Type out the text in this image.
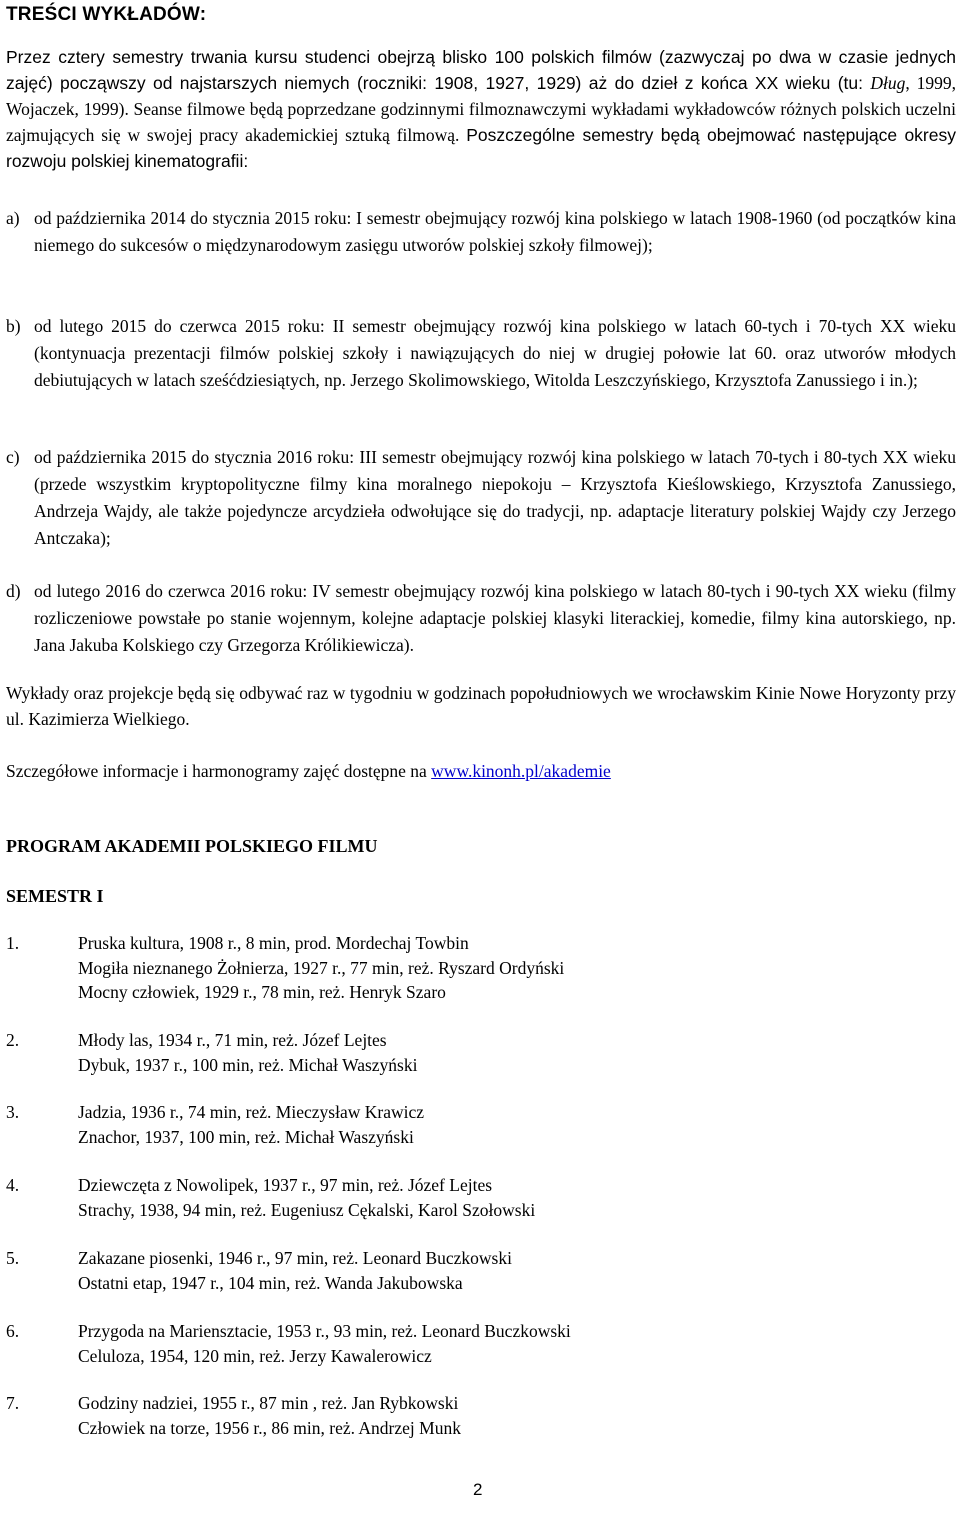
TREŚCI WYKŁADÓW:

Przez cztery semestry trwania kursu studenci obejrzą blisko 100 polskich filmów (zazwyczaj po dwa w czasie jednych zajęć) począwszy od najstarszych niemych (roczniki: 1908, 1927, 1929) aż do dzieł z końca XX wieku (tu: Dług, 1999, Wojaczek, 1999). Seanse filmowe będą poprzedzane godzinnymi filmoznawczymi wykładami wykładowców różnych polskich uczelni zajmujących się w swojej pracy akademickiej sztuką filmową. Poszczególne semestry będą obejmować następujące okresy rozwoju polskiej kinematografii:

a) od października 2014 do stycznia 2015 roku: I semestr obejmujący rozwój kina polskiego w latach 1908-1960 (od początków kina niemego do sukcesów o międzynarodowym zasięgu utworów polskiej szkoły filmowej);
b) od lutego 2015 do czerwca 2015 roku: II semestr obejmujący rozwój kina polskiego w latach 60-tych i 70-tych XX wieku (kontynuacja prezentacji filmów polskiej szkoły i nawiązujących do niej w drugiej połowie lat 60. oraz utworów młodych debiutujących w latach sześćdziesiątych, np. Jerzego Skolimowskiego, Witolda Leszczyńskiego, Krzysztofa Zanussiego i in.);
c) od października 2015 do stycznia 2016 roku: III semestr obejmujący rozwój kina polskiego w latach 70-tych i 80-tych XX wieku (przede wszystkim kryptopolityczne filmy kina moralnego niepokoju – Krzysztofa Kieślowskiego, Krzysztofa Zanussiego, Andrzeja Wajdy, ale także pojedyncze arcydzieła odwołujące się do tradycji, np. adaptacje literatury polskiej Wajdy czy Jerzego Antczaka);
d) od lutego 2016 do czerwca 2016 roku: IV semestr obejmujący rozwój kina polskiego w latach 80-tych i 90-tych XX wieku (filmy rozliczeniowe powstałe po stanie wojennym, kolejne adaptacje polskiej klasyki literackiej, komedie, filmy kina autorskiego, np. Jana Jakuba Kolskiego czy Grzegorza Królikiewicza).

Wykłady oraz projekcje będą się odbywać raz w tygodniu w godzinach popołudniowych we wrocławskim Kinie Nowe Horyzonty przy ul. Kazimierza Wielkiego.

Szczegółowe informacje i harmonogramy zajęć dostępne na www.kinonh.pl/akademie

PROGRAM AKADEMII POLSKIEGO FILMU
SEMESTR I
1.	Pruska kultura, 1908 r., 8 min, prod. Mordechaj Towbin
Mogiła nieznanego Żołnierza, 1927 r., 77 min, reż. Ryszard Ordyński
Mocny człowiek, 1929 r., 78 min, reż. Henryk Szaro
2.	Młody las, 1934 r., 71 min, reż. Józef Lejtes
Dybuk, 1937 r., 100 min, reż. Michał Waszyński
3.	Jadzia, 1936 r., 74 min, reż. Mieczysław Krawicz
Znachor, 1937, 100 min, reż. Michał Waszyński
4.	Dziewczęta z Nowolipek, 1937 r., 97 min, reż. Józef Lejtes
Strachy, 1938, 94 min, reż. Eugeniusz Cękalski, Karol Szołowski
5.	Zakazane piosenki, 1946 r., 97 min, reż. Leonard Buczkowski
Ostatni etap, 1947 r., 104 min, reż. Wanda Jakubowska
6.	Przygoda na Mariensztacie, 1953 r., 93 min, reż. Leonard Buczkowski
Celuloza, 1954, 120 min, reż. Jerzy Kawalerowicz
7.	Godziny nadziei, 1955 r., 87 min , reż. Jan Rybkowski
Człowiek na torze, 1956 r., 86 min, reż. Andrzej Munk
2
